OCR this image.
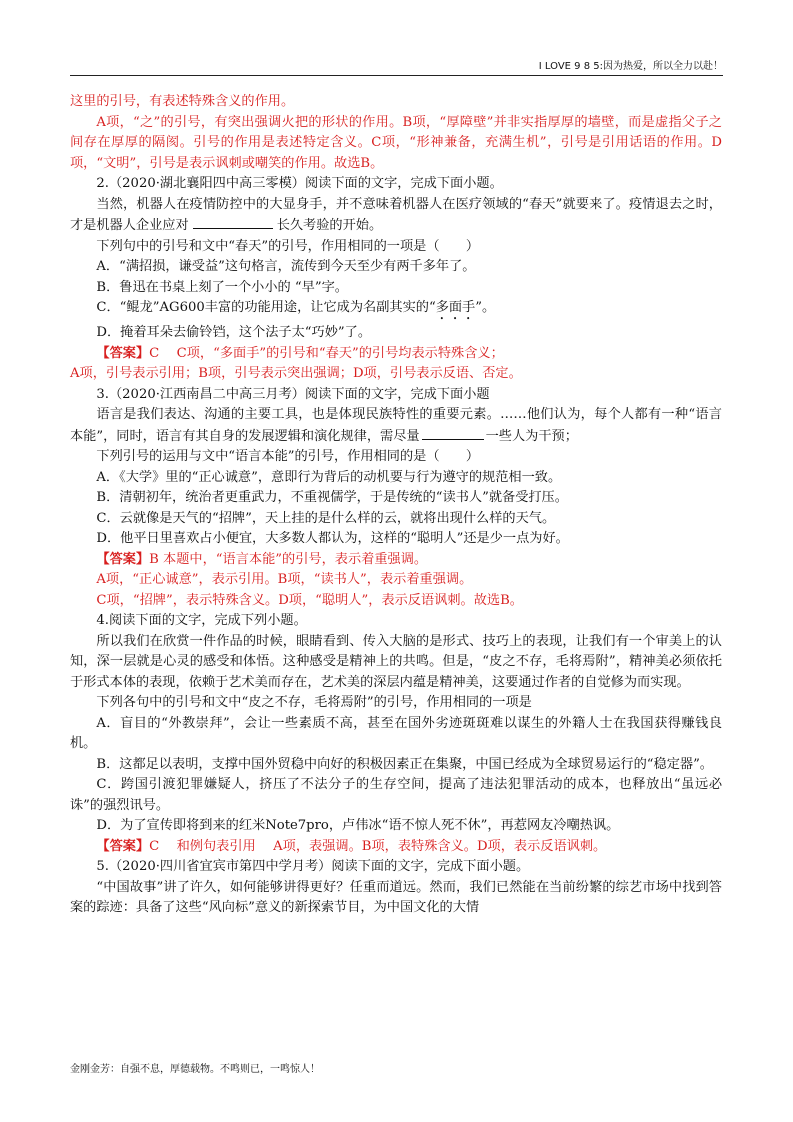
I LOVE 9 8 5:因为热爱，所以全力以赴！

这里的引号，有表述特殊含义的作用。

A项，“之”的引号，有突出强调火把的形状的作用。B项，“厚障壁”并非实指厚厚的墙壁，而是虚指父子之间存在厚厚的隔阂。引号的作用是表述特定含义。C项，“形神兼备，充满生机”，引号是引用话语的作用。D项，“文明”，引号是表示讽刺或嘲笑的作用。故选B。

2.（2020·湖北襄阳四中高三零模）阅读下面的文字，完成下面小题。

当然，机器人在疫情防控中的大显身手，并不意味着机器人在医疗领域的“春天”就要来了。疫情退去之时，才是机器人企业应对	长久考验的开始。

下列句中的引号和文中“春天”的引号，作用相同的一项是（　　）

A．“满招损，谦受益”这句格言，流传到今天至少有两千多年了。

B．鲁迅在书桌上刻了一个小小的 “早”字。

C．“鲲龙”AG600丰富的功能用途，让它成为名副其实的“多面手”。

D．掩着耳朵去偷铃铛，这个法子太“巧妙”了。

【答案】C　 C项，“多面手”的引号和“春天”的引号均表示特殊含义；

A项，引号表示引用；B项，引号表示突出强调；D项，引号表示反语、否定。

3.（2020·江西南昌二中高三月考）阅读下面的文字，完成下面小题

语言是我们表达、沟通的主要工具，也是体现民族特性的重要元素。……他们认为，每个人都有一种“语言本能”，同时，语言有其自身的发展逻辑和演化规律，需尽量	一些人为干预；

下列引号的运用与文中“语言本能”的引号，作用相同的是（　　）

A．《大学》里的“正心诚意”，意即行为背后的动机要与行为遵守的规范相一致。

B．清朝初年，统治者更重武力，不重视儒学，于是传统的“读书人”就备受打压。

C．云就像是天气的“招牌”，天上挂的是什么样的云，就将出现什么样的天气。

D．他平日里喜欢占小便宜，大多数人都认为，这样的“聪明人”还是少一点为好。

【答案】B 本题中，“语言本能”的引号，表示着重强调。

A项，“正心诚意”，表示引用。B项，“读书人”，表示着重强调。

C项，“招牌”，表示特殊含义。D项，“聪明人”，表示反语讽刺。故选B。

4.阅读下面的文字，完成下列小题。

所以我们在欣赏一件作品的时候，眼睛看到、传入大脑的是形式、技巧上的表现，让我们有一个审美上的认知，深一层就是心灵的感受和体悟。这种感受是精神上的共鸣。但是，“皮之不存，毛将焉附”，精神美必须依托于形式本体的表现，依赖于艺术美而存在，艺术美的深层内蕴是精神美，这要通过作者的自觉修为而实现。

下列各句中的引号和文中“皮之不存，毛将焉附”的引号，作用相同的一项是

A．盲目的“外教崇拜”，会让一些素质不高，甚至在国外劣迹斑斑难以谋生的外籍人士在我国获得赚钱良机。

B．这都足以表明，支撑中国外贸稳中向好的积极因素正在集聚，中国已经成为全球贸易运行的“稳定器”。

C．跨国引渡犯罪嫌疑人，挤压了不法分子的生存空间，提高了违法犯罪活动的成本，也释放出“虽远必诛”的强烈讯号。

D．为了宣传即将到来的红米Note7pro，卢伟冰“语不惊人死不休”，再惹网友冷嘲热讽。

【答案】C　 和例句表引用　 A项，表强调。B项，表特殊含义。D项，表示反语讽刺。

5.（2020·四川省宜宾市第四中学月考）阅读下面的文字，完成下面小题。

“中国故事”讲了许久，如何能够讲得更好？任重而道远。然而，我们已然能在当前纷繁的综艺市场中找到答案的踪迹：具备了这些“风向标”意义的新探索节目，为中国文化的大情

金刚金芳：自强不息，厚德载物。不鸣则已，一鸣惊人！
